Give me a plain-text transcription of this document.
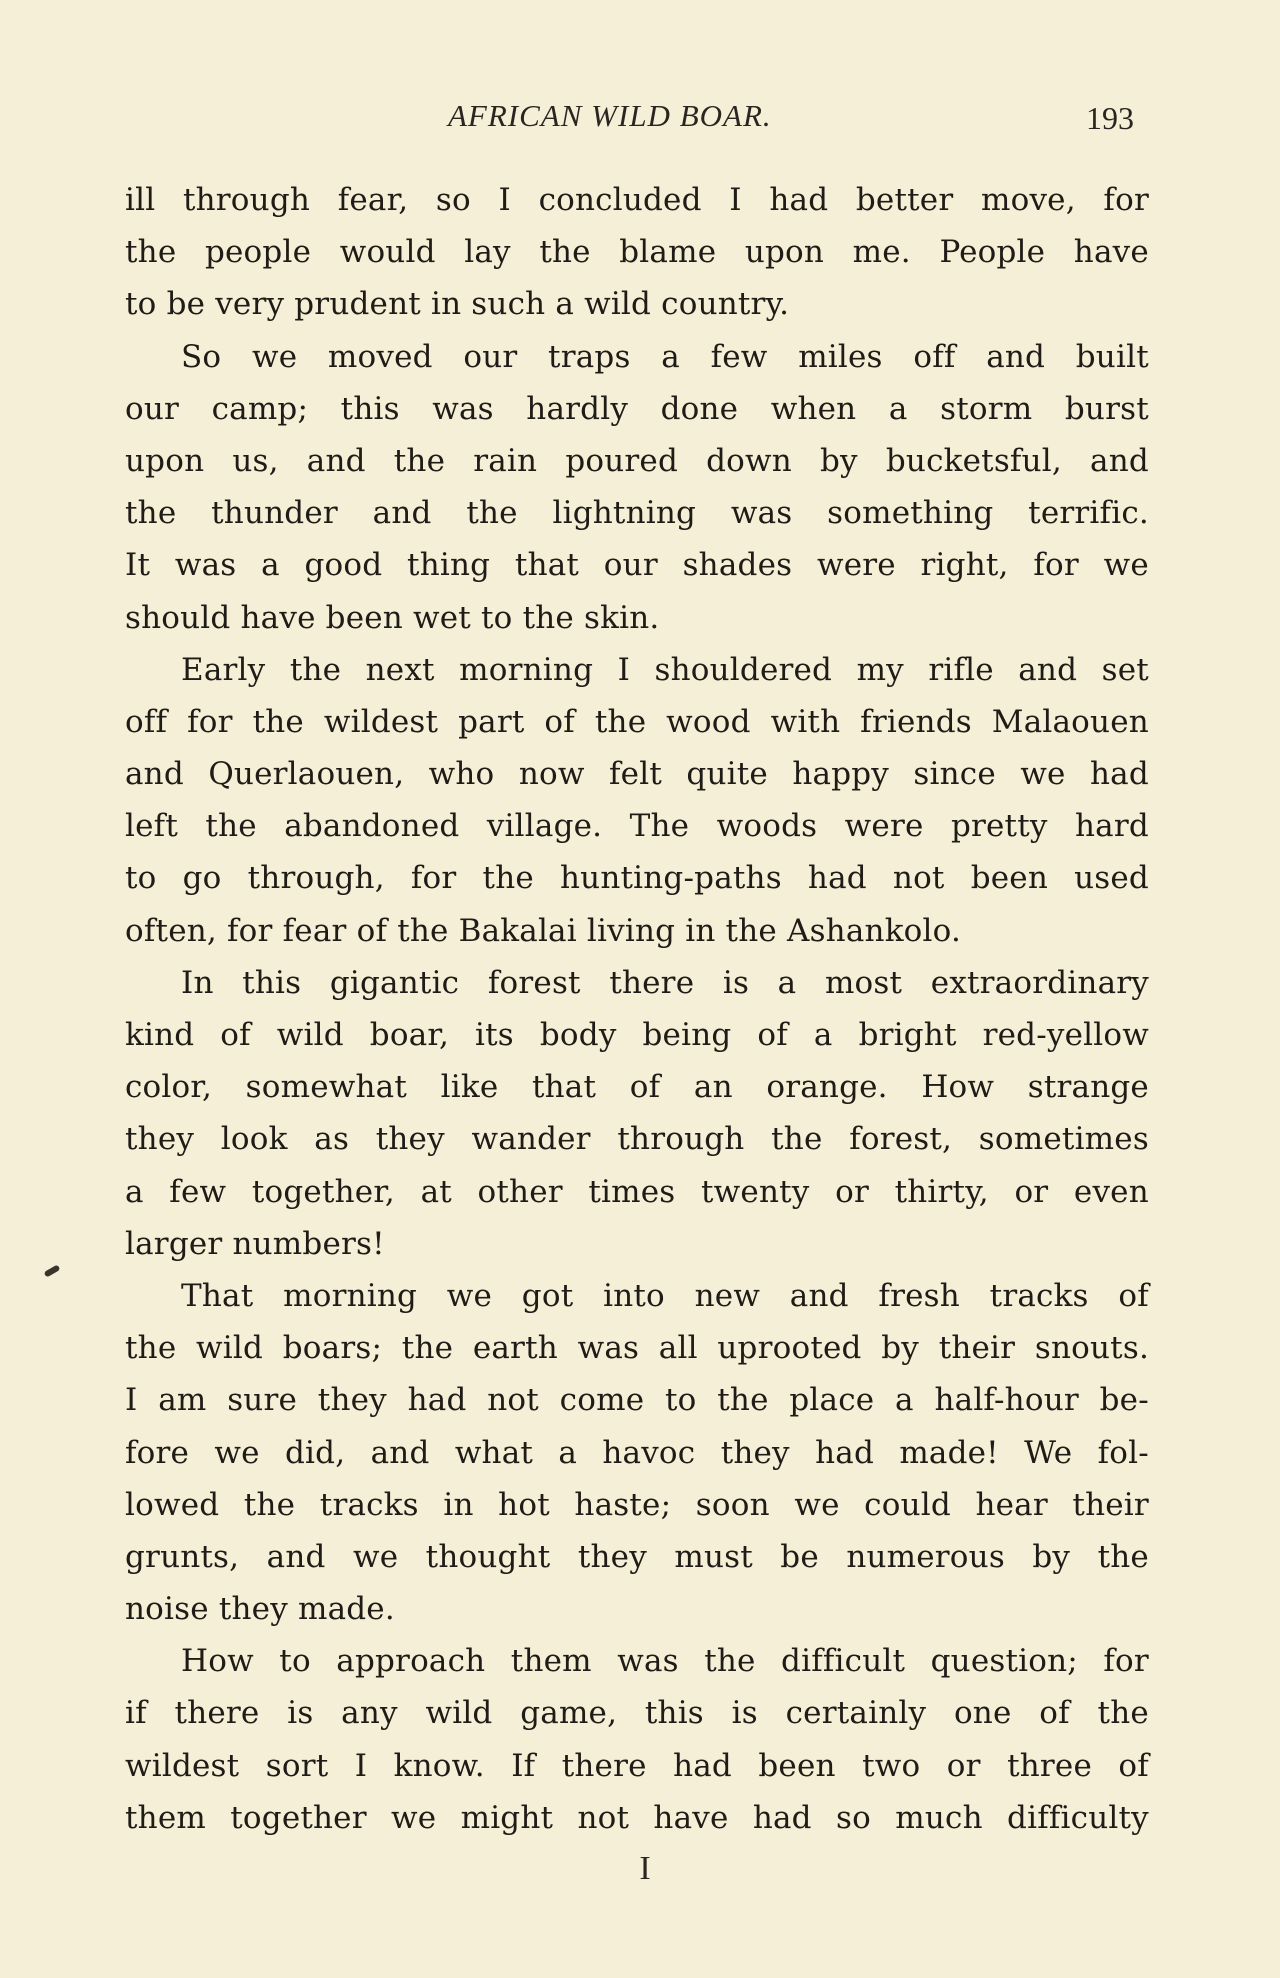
AFRICAN WILD BOAR.	193
ill through fear, so I concluded I had better move, for
the people would lay the blame upon me. People have
to be very prudent in such a wild country.
So we moved our traps a few miles off and built
our camp; this was hardly done when a storm burst
upon us, and the rain poured down by bucketsful, and
the thunder and the lightning was something terrific.
It was a good thing that our shades were right, for we
should have been wet to the skin.
Early the next morning I shouldered my rifle and set
off for the wildest part of the wood with friends Malaouen
and Querlaouen, who now felt quite happy since we had
left the abandoned village. The woods were pretty hard
to go through, for the hunting-paths had not been used
often, for fear of the Bakalai living in the Ashankolo.
In this gigantic forest there is a most extraordinary
kind of wild boar, its body being of a bright red-yellow
color, somewhat like that of an orange. How strange
they look as they wander through the forest, sometimes
a few together, at other times twenty or thirty, or even
larger numbers!
That morning we got into new and fresh tracks of
the wild boars; the earth was all uprooted by their snouts.
I am sure they had not come to the place a half-hour be-
fore we did, and what a havoc they had made! We fol-
lowed the tracks in hot haste; soon we could hear their
grunts, and we thought they must be numerous by the
noise they made.
How to approach them was the difficult question; for
if there is any wild game, this is certainly one of the
wildest sort I know. If there had been two or three of
them together we might not have had so much difficulty
I
